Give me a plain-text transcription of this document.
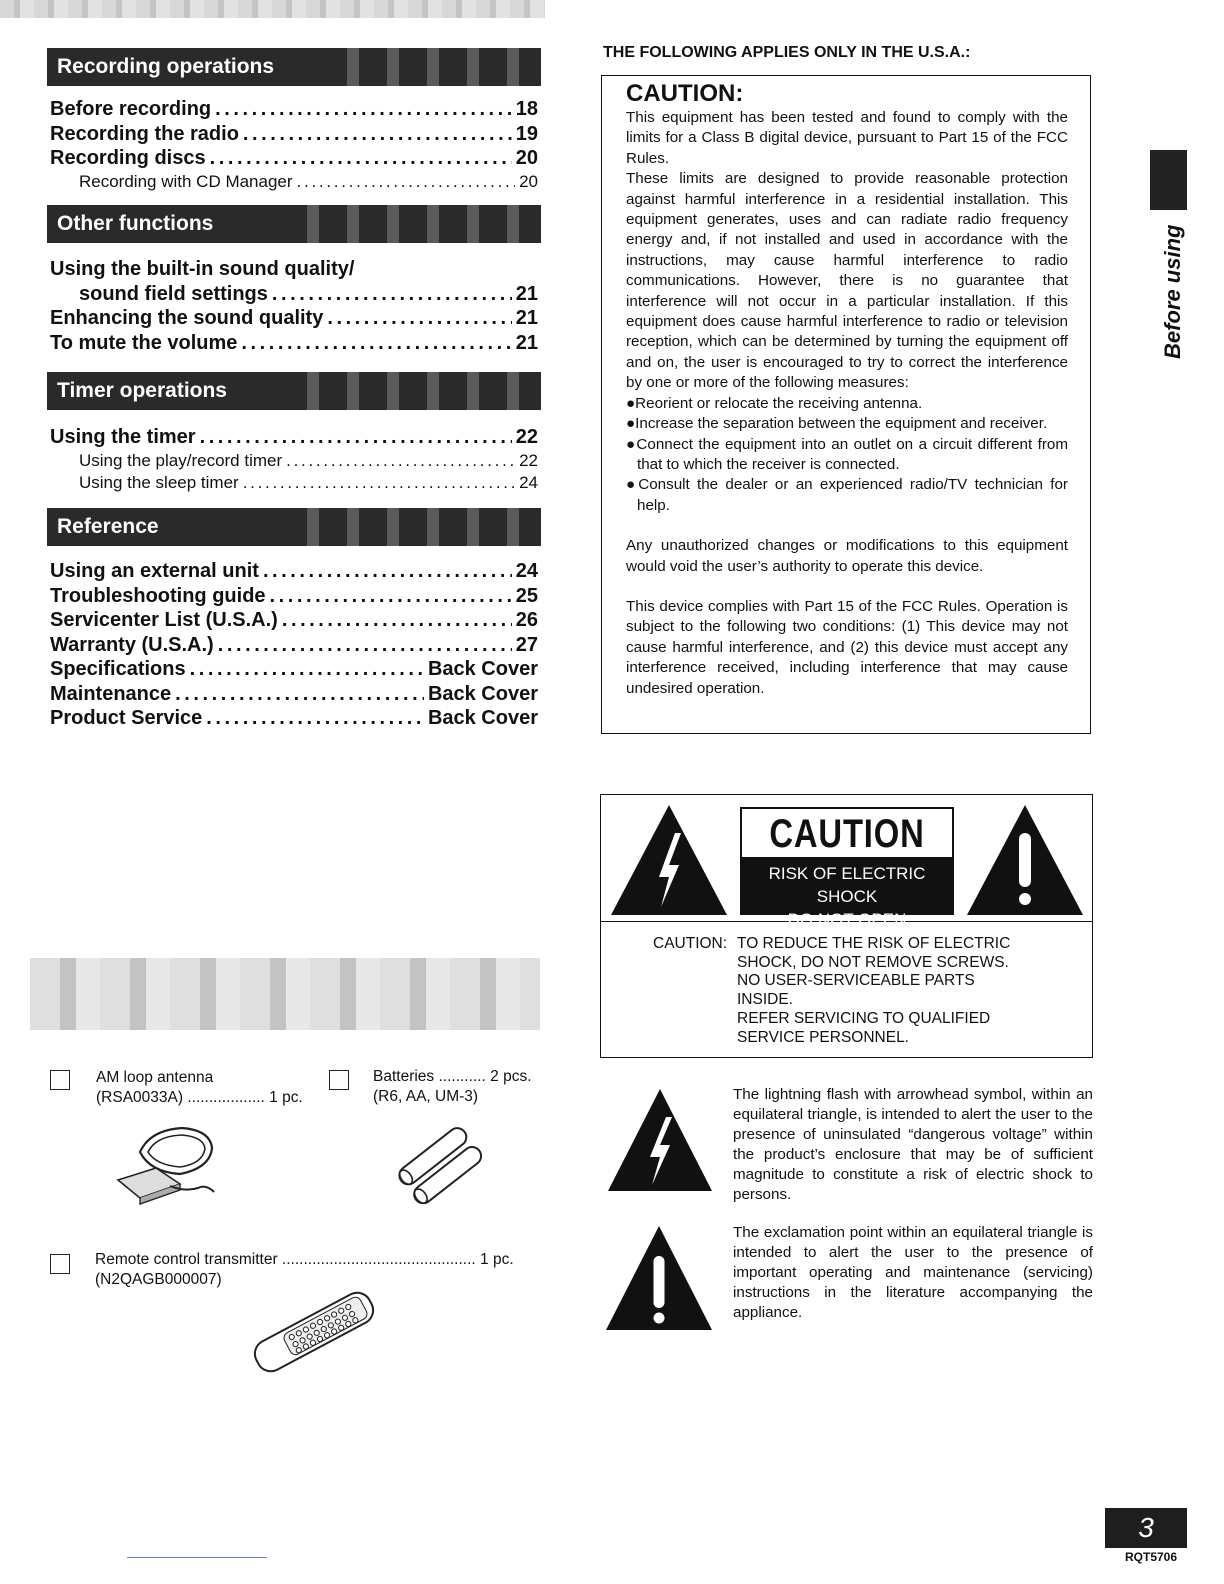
Recording operations
Other functions
Timer operations
Reference
Before recording . . .	18
Recording the radio . . .	19
Recording discs . . .	20
Recording with CD Manager . . .	20
Using the built-in sound quality/
sound field settings . . .	21
Enhancing the sound quality . . .	21
To mute the volume . . .	21
Using the timer . . .	22
Using the play/record timer . . .	22
Using the sleep timer . . .	24
Using an external unit . . .	24
Troubleshooting guide . . .	25
Servicenter List (U.S.A.) . . .	26
Warranty (U.S.A.) . . .	27
Specifications . . .	Back Cover
Maintenance . . .	Back Cover
Product Service . . .	Back Cover
THE FOLLOWING APPLIES ONLY IN THE U.S.A.:
CAUTION:

This equipment has been tested and found to comply with the limits for a Class B digital device, pursuant to Part 15 of the FCC Rules.

These limits are designed to provide reasonable protection against harmful interference in a residential installation. This equipment generates, uses and can radiate radio frequency energy and, if not installed and used in accordance with the instructions, may cause harmful interference to radio communications. However, there is no guarantee that interference will not occur in a particular installation. If this equipment does cause harmful interference to radio or television reception, which can be determined by turning the equipment off and on, the user is encouraged to try to correct the interference by one or more of the following measures:

●Reorient or relocate the receiving antenna.
●Increase the separation between the equipment and receiver.
●Connect the equipment into an outlet on a circuit different from that to which the receiver is connected.
●Consult the dealer or an experienced radio/TV technician for help.

Any unauthorized changes or modifications to this equipment would void the user’s authority to operate this device.

This device complies with Part 15 of the FCC Rules. Operation is subject to the following two conditions: (1) This device may not cause harmful interference, and (2) this device must accept any interference received, including interference that may cause undesired operation.

CAUTION
RISK OF ELECTRIC SHOCK
DO NOT OPEN
CAUTION: TO REDUCE THE RISK OF ELECTRIC
SHOCK, DO NOT REMOVE SCREWS.
NO USER-SERVICEABLE PARTS
INSIDE.
REFER SERVICING TO QUALIFIED
SERVICE PERSONNEL.
The lightning flash with arrowhead symbol, within an equilateral triangle, is intended to alert the user to the presence of uninsulated “dangerous voltage” within the product’s enclosure that may be of sufficient magnitude to constitute a risk of electric shock to persons.
The exclamation point within an equilateral triangle is intended to alert the user to the presence of important operating and maintenance (servicing) instructions in the literature accompanying the appliance.
AM loop antenna
(RSA0033A) .................. 1 pc.
Batteries ........... 2 pcs.
(R6, AA, UM-3)
Remote control transmitter ............................................. 1 pc.
(N2QAGB000007)
Before using
3
RQT5706
